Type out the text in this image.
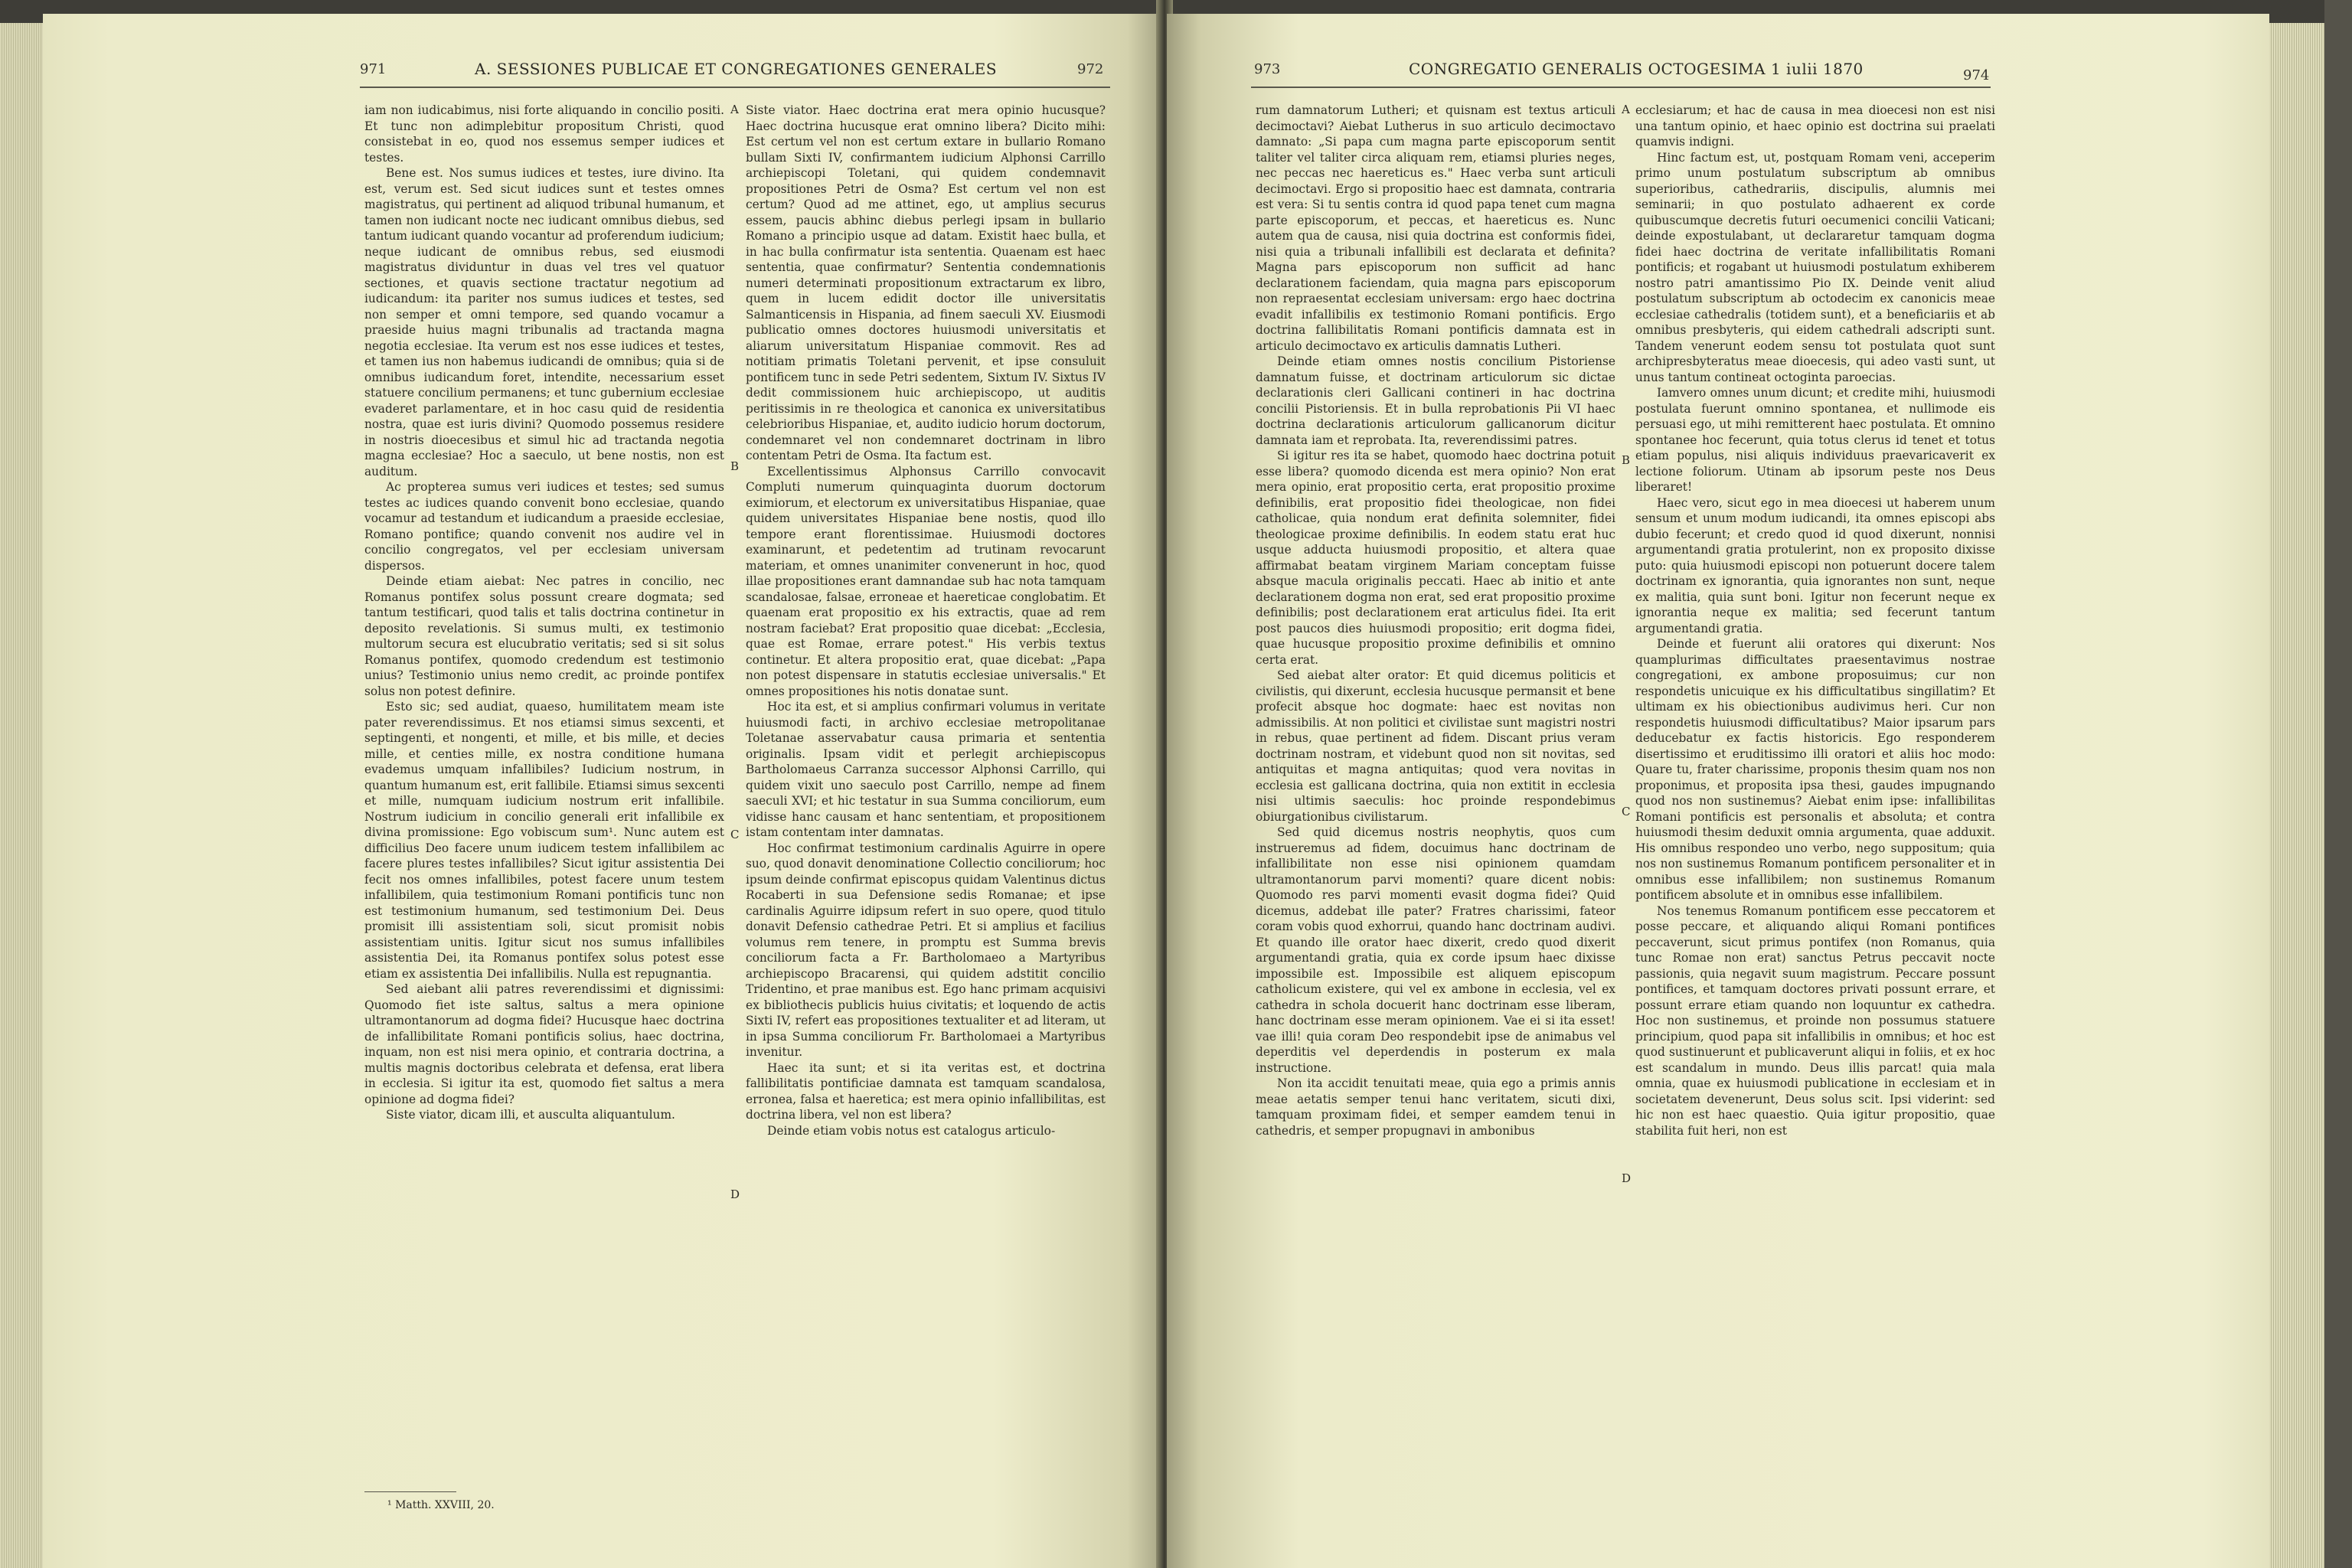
971	A. SESSIONES PUBLICAE ET CONGREGATIONES GENERALES	972

iam non iudicabimus, nisi forte aliquando in concilio positi. Et tunc non adimplebitur propositum Christi, quod consistebat in eo, quod nos essemus semper iudices et testes.

Bene est. Nos sumus iudices et testes, iure divino. Ita est, verum est. Sed sicut iudices sunt et testes omnes magistratus, qui pertinent ad aliquod tribunal humanum, et tamen non iudicant nocte nec iudicant omnibus diebus, sed tantum iudicant quando vocantur ad proferendum iudicium; neque iudicant de omnibus rebus, sed eiusmodi magistratus dividuntur in duas vel tres vel quatuor sectiones, et quavis sectione tractatur negotium ad iudicandum: ita pariter nos sumus iudices et testes, sed non semper et omni tempore, sed quando vocamur a praeside huius magni tribunalis ad tractanda magna negotia ecclesiae. Ita verum est nos esse iudices et testes, et tamen ius non habemus iudicandi de omnibus; quia si de omnibus iudicandum foret, intendite, necessarium esset statuere concilium permanens; et tunc gubernium ecclesiae evaderet parlamentare, et in hoc casu quid de residentia nostra, quae est iuris divini? Quomodo possemus residere in nostris dioecesibus et simul hic ad tractanda negotia magna ecclesiae? Hoc a saeculo, ut bene nostis, non est auditum.

Ac propterea sumus veri iudices et testes; sed sumus testes ac iudices quando convenit bono ecclesiae, quando vocamur ad testandum et iudicandum a praeside ecclesiae, Romano pontifice; quando convenit nos audire vel in concilio congregatos, vel per ecclesiam universam dispersos.

Deinde etiam aiebat: Nec patres in concilio, nec Romanus pontifex solus possunt creare dogmata; sed tantum testificari, quod talis et talis doctrina continetur in deposito revelationis. Si sumus multi, ex testimonio multorum secura est elucubratio veritatis; sed si sit solus Romanus pontifex, quomodo credendum est testimonio unius? Testimonio unius nemo credit, ac proinde pontifex solus non potest definire.

Esto sic; sed audiat, quaeso, humilitatem meam iste pater reverendissimus. Et nos etiamsi simus sexcenti, et septingenti, et nongenti, et mille, et bis mille, et decies mille, et centies mille, ex nostra conditione humana evademus umquam infallibiles? Iudicium nostrum, in quantum humanum est, erit fallibile. Etiamsi simus sexcenti et mille, numquam iudicium nostrum erit infallibile. Nostrum iudicium in concilio generali erit infallibile ex divina promissione: Ego vobiscum sum¹. Nunc autem est difficilius Deo facere unum iudicem testem infallibilem ac facere plures testes infallibiles? Sicut igitur assistentia Dei fecit nos omnes infallibiles, potest facere unum testem infallibilem, quia testimonium Romani pontificis tunc non est testimonium humanum, sed testimonium Dei. Deus promisit illi assistentiam soli, sicut promisit nobis assistentiam unitis. Igitur sicut nos sumus infallibiles assistentia Dei, ita Romanus pontifex solus potest esse etiam ex assistentia Dei infallibilis. Nulla est repugnantia.

Sed aiebant alii patres reverendissimi et dignissimi: Quomodo fiet iste saltus, saltus a mera opinione ultramontanorum ad dogma fidei? Hucusque haec doctrina de infallibilitate Romani pontificis solius, haec doctrina, inquam, non est nisi mera opinio, et contraria doctrina, a multis magnis doctoribus celebrata et defensa, erat libera in ecclesia. Si igitur ita est, quomodo fiet saltus a mera opinione ad dogma fidei?

Siste viator, dicam illi, et ausculta aliquantulum.

A
B
C
D

Siste viator. Haec doctrina erat mera opinio hucusque? Haec doctrina hucusque erat omnino libera? Dicito mihi: Est certum vel non est certum extare in bullario Romano bullam Sixti IV, confirmantem iudicium Alphonsi Carrillo archiepiscopi Toletani, qui quidem condemnavit propositiones Petri de Osma? Est certum vel non est certum? Quod ad me attinet, ego, ut amplius securus essem, paucis abhinc diebus perlegi ipsam in bullario Romano a principio usque ad datam. Existit haec bulla, et in hac bulla confirmatur ista sententia. Quaenam est haec sententia, quae confirmatur? Sententia condemnationis numeri determinati propositionum extractarum ex libro, quem in lucem edidit doctor ille universitatis Salmanticensis in Hispania, ad finem saeculi XV. Eiusmodi publicatio omnes doctores huiusmodi universitatis et aliarum universitatum Hispaniae commovit. Res ad notitiam primatis Toletani pervenit, et ipse consuluit pontificem tunc in sede Petri sedentem, Sixtum IV. Sixtus IV dedit commissionem huic archiepiscopo, ut auditis peritissimis in re theologica et canonica ex universitatibus celebrioribus Hispaniae, et, audito iudicio horum doctorum, condemnaret vel non condemnaret doctrinam in libro contentam Petri de Osma. Ita factum est.

Excellentissimus Alphonsus Carrillo convocavit Compluti numerum quinquaginta duorum doctorum eximiorum, et electorum ex universitatibus Hispaniae, quae quidem universitates Hispaniae bene nostis, quod illo tempore erant florentissimae. Huiusmodi doctores examinarunt, et pedetentim ad trutinam revocarunt materiam, et omnes unanimiter convenerunt in hoc, quod illae propositiones erant damnandae sub hac nota tamquam scandalosae, falsae, erroneae et haereticae conglobatim. Et quaenam erat propositio ex his extractis, quae ad rem nostram faciebat? Erat propositio quae dicebat: „Ecclesia, quae est Romae, errare potest." His verbis textus continetur. Et altera propositio erat, quae dicebat: „Papa non potest dispensare in statutis ecclesiae universalis." Et omnes propositiones his notis donatae sunt.

Hoc ita est, et si amplius confirmari volumus in veritate huiusmodi facti, in archivo ecclesiae metropolitanae Toletanae asservabatur causa primaria et sententia originalis. Ipsam vidit et perlegit archiepiscopus Bartholomaeus Carranza successor Alphonsi Carrillo, qui quidem vixit uno saeculo post Carrillo, nempe ad finem saeculi XVI; et hic testatur in sua Summa conciliorum, eum vidisse hanc causam et hanc sententiam, et propositionem istam contentam inter damnatas.

Hoc confirmat testimonium cardinalis Aguirre in opere suo, quod donavit denominatione Collectio conciliorum; hoc ipsum deinde confirmat episcopus quidam Valentinus dictus Rocaberti in sua Defensione sedis Romanae; et ipse cardinalis Aguirre idipsum refert in suo opere, quod titulo donavit Defensio cathedrae Petri. Et si amplius et facilius volumus rem tenere, in promptu est Summa brevis conciliorum facta a Fr. Bartholomaeo a Martyribus archiepiscopo Bracarensi, qui quidem adstitit concilio Tridentino, et prae manibus est. Ego hanc primam acquisivi ex bibliothecis publicis huius civitatis; et loquendo de actis Sixti IV, refert eas propositiones textualiter et ad literam, ut in ipsa Summa conciliorum Fr. Bartholomaei a Martyribus invenitur.

Haec ita sunt; et si ita veritas est, et doctrina fallibilitatis pontificiae damnata est tamquam scandalosa, erronea, falsa et haeretica; est mera opinio infallibilitas, est doctrina libera, vel non est libera?

Deinde etiam vobis notus est catalogus articulo-

¹ Matth. XXVIII, 20.
973	CONGREGATIO GENERALIS OCTOGESIMA 1 iulii 1870	974

rum damnatorum Lutheri; et quisnam est textus articuli decimoctavi? Aiebat Lutherus in suo articulo decimoctavo damnato: „Si papa cum magna parte episcoporum sentit taliter vel taliter circa aliquam rem, etiamsi pluries neges, nec peccas nec haereticus es." Haec verba sunt articuli decimoctavi. Ergo si propositio haec est damnata, contraria est vera: Si tu sentis contra id quod papa tenet cum magna parte episcoporum, et peccas, et haereticus es. Nunc autem qua de causa, nisi quia doctrina est conformis fidei, nisi quia a tribunali infallibili est declarata et definita? Magna pars episcoporum non sufficit ad hanc declarationem faciendam, quia magna pars episcoporum non repraesentat ecclesiam universam: ergo haec doctrina evadit infallibilis ex testimonio Romani pontificis. Ergo doctrina fallibilitatis Romani pontificis damnata est in articulo decimoctavo ex articulis damnatis Lutheri.

Deinde etiam omnes nostis concilium Pistoriense damnatum fuisse, et doctrinam articulorum sic dictae declarationis cleri Gallicani contineri in hac doctrina concilii Pistoriensis. Et in bulla reprobationis Pii VI haec doctrina declarationis articulorum gallicanorum dicitur damnata iam et reprobata. Ita, reverendissimi patres.

Si igitur res ita se habet, quomodo haec doctrina potuit esse libera? quomodo dicenda est mera opinio? Non erat mera opinio, erat propositio certa, erat propositio proxime definibilis, erat propositio fidei theologicae, non fidei catholicae, quia nondum erat definita solemniter, fidei theologicae proxime definibilis. In eodem statu erat huc usque adducta huiusmodi propositio, et altera quae affirmabat beatam virginem Mariam conceptam fuisse absque macula originalis peccati. Haec ab initio et ante declarationem dogma non erat, sed erat propositio proxime definibilis; post declarationem erat articulus fidei. Ita erit post paucos dies huiusmodi propositio; erit dogma fidei, quae hucusque propositio proxime definibilis et omnino certa erat.

Sed aiebat alter orator: Et quid dicemus politicis et civilistis, qui dixerunt, ecclesia hucusque permansit et bene profecit absque hoc dogmate: haec est novitas non admissibilis. At non politici et civilistae sunt magistri nostri in rebus, quae pertinent ad fidem. Discant prius veram doctrinam nostram, et videbunt quod non sit novitas, sed antiquitas et magna antiquitas; quod vera novitas in ecclesia est gallicana doctrina, quia non extitit in ecclesia nisi ultimis saeculis: hoc proinde respondebimus obiurgationibus civilistarum.

Sed quid dicemus nostris neophytis, quos cum instrueremus ad fidem, docuimus hanc doctrinam de infallibilitate non esse nisi opinionem quamdam ultramontanorum parvi momenti? quare dicent nobis: Quomodo res parvi momenti evasit dogma fidei? Quid dicemus, addebat ille pater? Fratres charissimi, fateor coram vobis quod exhorrui, quando hanc doctrinam audivi. Et quando ille orator haec dixerit, credo quod dixerit argumentandi gratia, quia ex corde ipsum haec dixisse impossibile est. Impossibile est aliquem episcopum catholicum existere, qui vel ex ambone in ecclesia, vel ex cathedra in schola docuerit hanc doctrinam esse liberam, hanc doctrinam esse meram opinionem. Vae ei si ita esset! vae illi! quia coram Deo respondebit ipse de animabus vel deperditis vel deperdendis in posterum ex mala instructione.

Non ita accidit tenuitati meae, quia ego a primis annis meae aetatis semper tenui hanc veritatem, sicuti dixi, tamquam proximam fidei, et semper eamdem tenui in cathedris, et semper propugnavi in ambonibus

A
B
C
D

ecclesiarum; et hac de causa in mea dioecesi non est nisi una tantum opinio, et haec opinio est doctrina sui praelati quamvis indigni.

Hinc factum est, ut, postquam Romam veni, acceperim primo unum postulatum subscriptum ab omnibus superioribus, cathedrariis, discipulis, alumnis mei seminarii; in quo postulato adhaerent ex corde quibuscumque decretis futuri oecumenici concilii Vaticani; deinde expostulabant, ut declararetur tamquam dogma fidei haec doctrina de veritate infallibilitatis Romani pontificis; et rogabant ut huiusmodi postulatum exhiberem nostro patri amantissimo Pio IX. Deinde venit aliud postulatum subscriptum ab octodecim ex canonicis meae ecclesiae cathedralis (totidem sunt), et a beneficiariis et ab omnibus presbyteris, qui eidem cathedrali adscripti sunt. Tandem venerunt eodem sensu tot postulata quot sunt archipresbyteratus meae dioecesis, qui adeo vasti sunt, ut unus tantum contineat octoginta paroecias.

Iamvero omnes unum dicunt; et credite mihi, huiusmodi postulata fuerunt omnino spontanea, et nullimode eis persuasi ego, ut mihi remitterent haec postulata. Et omnino spontanee hoc fecerunt, quia totus clerus id tenet et totus etiam populus, nisi aliquis individuus praevaricaverit ex lectione foliorum. Utinam ab ipsorum peste nos Deus liberaret!

Haec vero, sicut ego in mea dioecesi ut haberem unum sensum et unum modum iudicandi, ita omnes episcopi abs dubio fecerunt; et credo quod id quod dixerunt, nonnisi argumentandi gratia protulerint, non ex proposito dixisse puto: quia huiusmodi episcopi non potuerunt docere talem doctrinam ex ignorantia, quia ignorantes non sunt, neque ex malitia, quia sunt boni. Igitur non fecerunt neque ex ignorantia neque ex malitia; sed fecerunt tantum argumentandi gratia.

Deinde et fuerunt alii oratores qui dixerunt: Nos quamplurimas difficultates praesentavimus nostrae congregationi, ex ambone proposuimus; cur non respondetis unicuique ex his difficultatibus singillatim? Et ultimam ex his obiectionibus audivimus heri. Cur non respondetis huiusmodi difficultatibus? Maior ipsarum pars deducebatur ex factis historicis. Ego responderem disertissimo et eruditissimo illi oratori et aliis hoc modo: Quare tu, frater charissime, proponis thesim quam nos non proponimus, et proposita ipsa thesi, gaudes impugnando quod nos non sustinemus? Aiebat enim ipse: infallibilitas Romani pontificis est personalis et absoluta; et contra huiusmodi thesim deduxit omnia argumenta, quae adduxit. His omnibus respondeo uno verbo, nego suppositum; quia nos non sustinemus Romanum pontificem personaliter et in omnibus esse infallibilem; non sustinemus Romanum pontificem absolute et in omnibus esse infallibilem.

Nos tenemus Romanum pontificem esse peccatorem et posse peccare, et aliquando aliqui Romani pontifices peccaverunt, sicut primus pontifex (non Romanus, quia tunc Romae non erat) sanctus Petrus peccavit nocte passionis, quia negavit suum magistrum. Peccare possunt pontifices, et tamquam doctores privati possunt errare, et possunt errare etiam quando non loquuntur ex cathedra. Hoc non sustinemus, et proinde non possumus statuere principium, quod papa sit infallibilis in omnibus; et hoc est quod sustinuerunt et publicaverunt aliqui in foliis, et ex hoc est scandalum in mundo. Deus illis parcat! quia mala omnia, quae ex huiusmodi publicatione in ecclesiam et in societatem devenerunt, Deus solus scit. Ipsi viderint: sed hic non est haec quaestio. Quia igitur propositio, quae stabilita fuit heri, non est
